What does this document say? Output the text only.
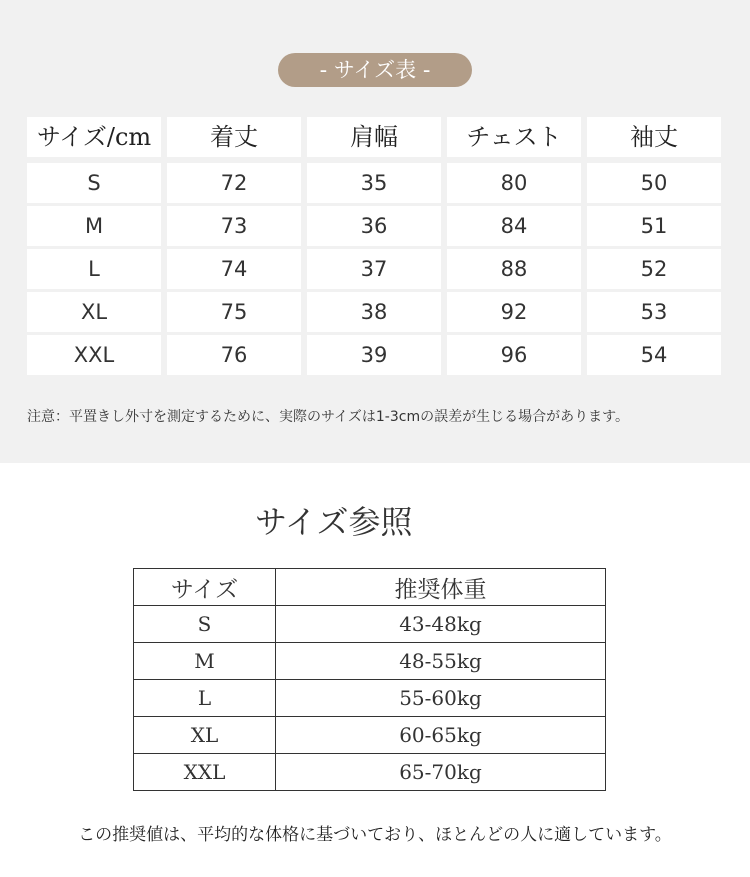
- サイズ表 -
サイズ/cm	着丈	肩幅	チェスト	袖丈
S	72	35	80	50
M	73	36	84	51
L	74	37	88	52
XL	75	38	92	53
XXL	76	39	96	54
注意：平置きし外寸を測定するために、実際のサイズは1-3cmの誤差が生じる場合があります。
サイズ参照
サイズ	推奨体重
S	43-48kg
M	48-55kg
L	55-60kg
XL	60-65kg
XXL	65-70kg
この推奨値は、平均的な体格に基づいており、ほとんどの人に適しています。
